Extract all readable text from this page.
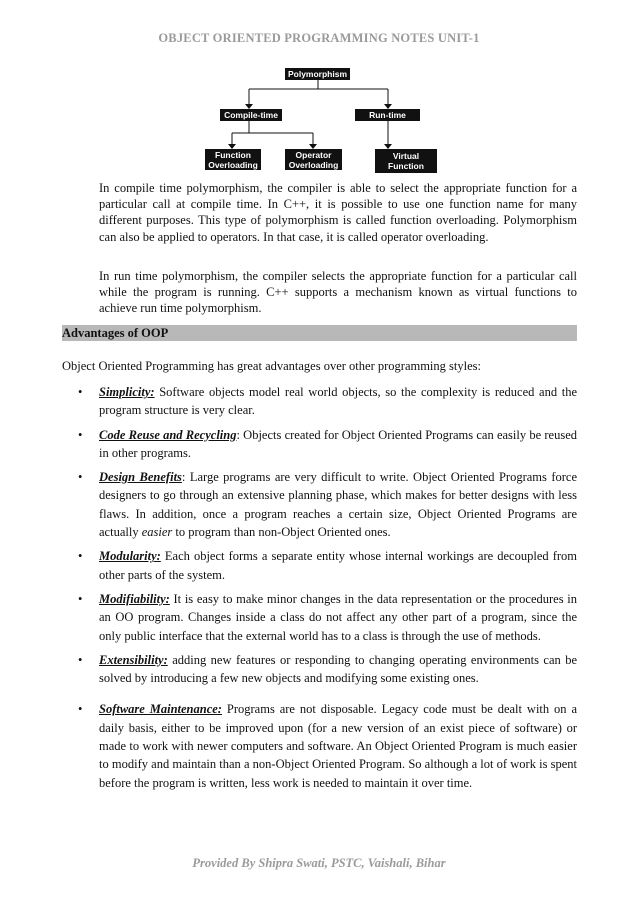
OBJECT ORIENTED PROGRAMMING NOTES UNIT-1
Polymorphism
Compile-time	Run-time
Function
Overloading
Operator
Overloading
Virtual
Function
In compile time polymorphism, the compiler is able to select the appropriate function for a particular call at compile time. In C++, it is possible to use one function name for many different purposes. This type of polymorphism is called function overloading. Polymorphism can also be applied to operators. In that case, it is called operator overloading.
In run time polymorphism, the compiler selects the appropriate function for a particular call while the program is running. C++ supports a mechanism known as virtual functions to achieve run time polymorphism.
Advantages of OOP
Object Oriented Programming has great advantages over other programming styles:
• Simplicity: Software objects model real world objects, so the complexity is reduced and the program structure is very clear.
• Code Reuse and Recycling: Objects created for Object Oriented Programs can easily be reused in other programs.
• Design Benefits: Large programs are very difficult to write. Object Oriented Programs force designers to go through an extensive planning phase, which makes for better designs with less flaws. In addition, once a program reaches a certain size, Object Oriented Programs are actually easier to program than non-Object Oriented ones.
• Modularity: Each object forms a separate entity whose internal workings are decoupled from other parts of the system.
• Modifiability: It is easy to make minor changes in the data representation or the procedures in an OO program. Changes inside a class do not affect any other part of a program, since the only public interface that the external world has to a class is through the use of methods.
• Extensibility: adding new features or responding to changing operating environments can be solved by introducing a few new objects and modifying some existing ones.
• Software Maintenance: Programs are not disposable. Legacy code must be dealt with on a daily basis, either to be improved upon (for a new version of an exist piece of software) or made to work with newer computers and software. An Object Oriented Program is much easier to modify and maintain than a non-Object Oriented Program. So although a lot of work is spent before the program is written, less work is needed to maintain it over time.
Provided By Shipra Swati, PSTC, Vaishali, Bihar
